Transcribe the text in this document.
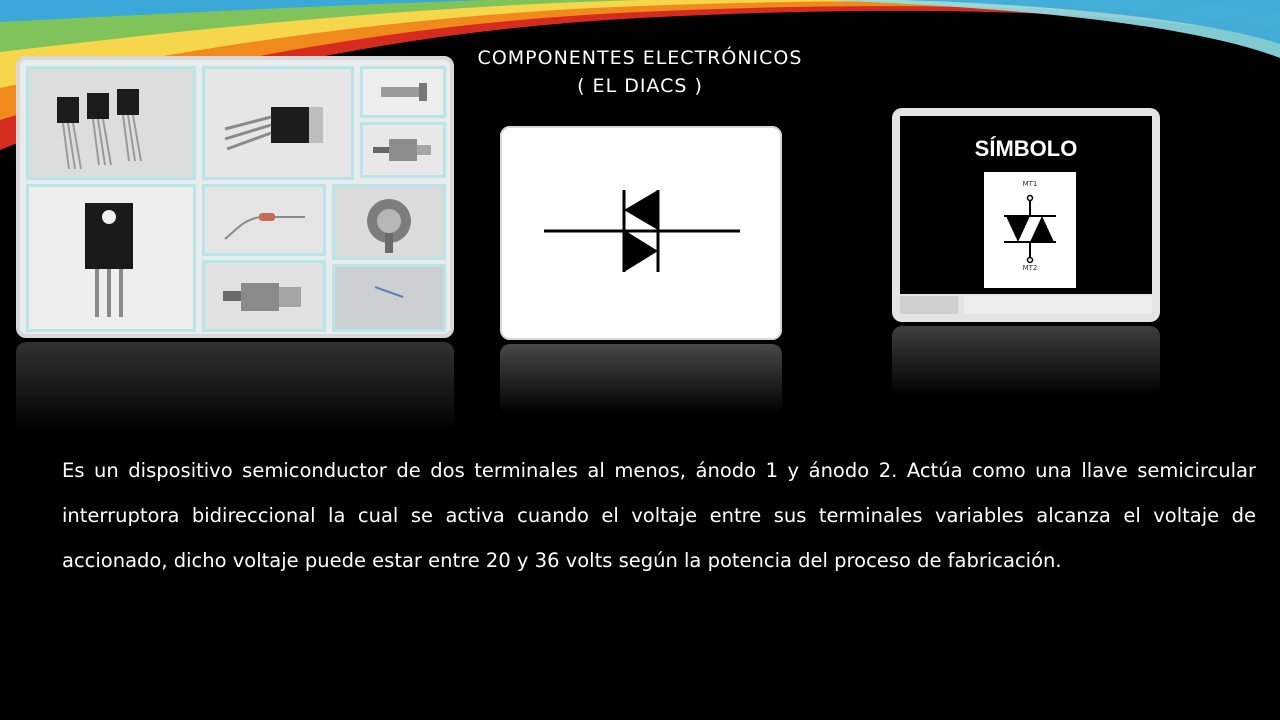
COMPONENTES ELECTRÓNICOS
( EL DIACS )
SÍMBOLO
MT1
MT2
Es un dispositivo semiconductor de dos terminales al menos, ánodo 1 y ánodo 2. Actúa como una llave semicircular interruptora bidireccional la cual se activa cuando el voltaje entre sus terminales variables alcanza el voltaje de accionado, dicho voltaje puede estar entre 20 y 36 volts según la potencia del proceso de fabricación.
